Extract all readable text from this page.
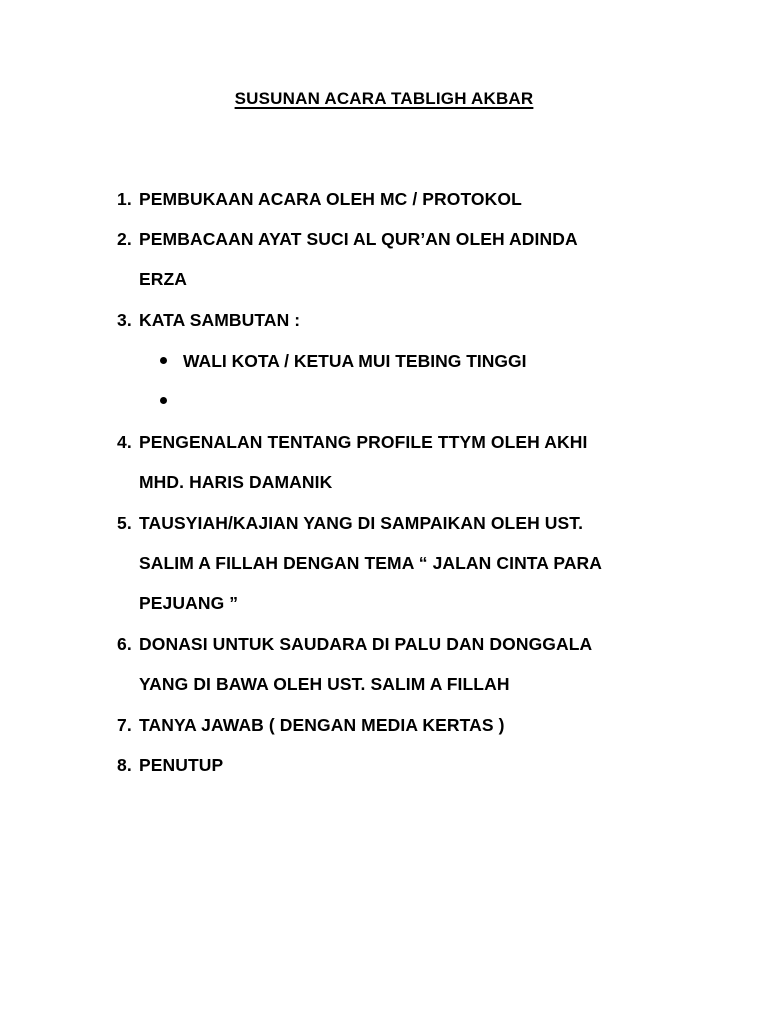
SUSUNAN ACARA TABLIGH AKBAR
1. PEMBUKAAN ACARA OLEH MC / PROTOKOL
2. PEMBACAAN AYAT SUCI AL QUR’AN OLEH ADINDA
ERZA
3. KATA SAMBUTAN :
WALI KOTA / KETUA MUI TEBING TINGGI
4. PENGENALAN TENTANG PROFILE TTYM OLEH AKHI
MHD. HARIS DAMANIK
5. TAUSYIAH/KAJIAN YANG DI SAMPAIKAN OLEH UST.
SALIM A FILLAH DENGAN TEMA “ JALAN CINTA PARA
PEJUANG ”
6. DONASI UNTUK SAUDARA DI PALU DAN DONGGALA
YANG DI BAWA OLEH UST. SALIM A FILLAH
7. TANYA JAWAB ( DENGAN MEDIA KERTAS )
8. PENUTUP
